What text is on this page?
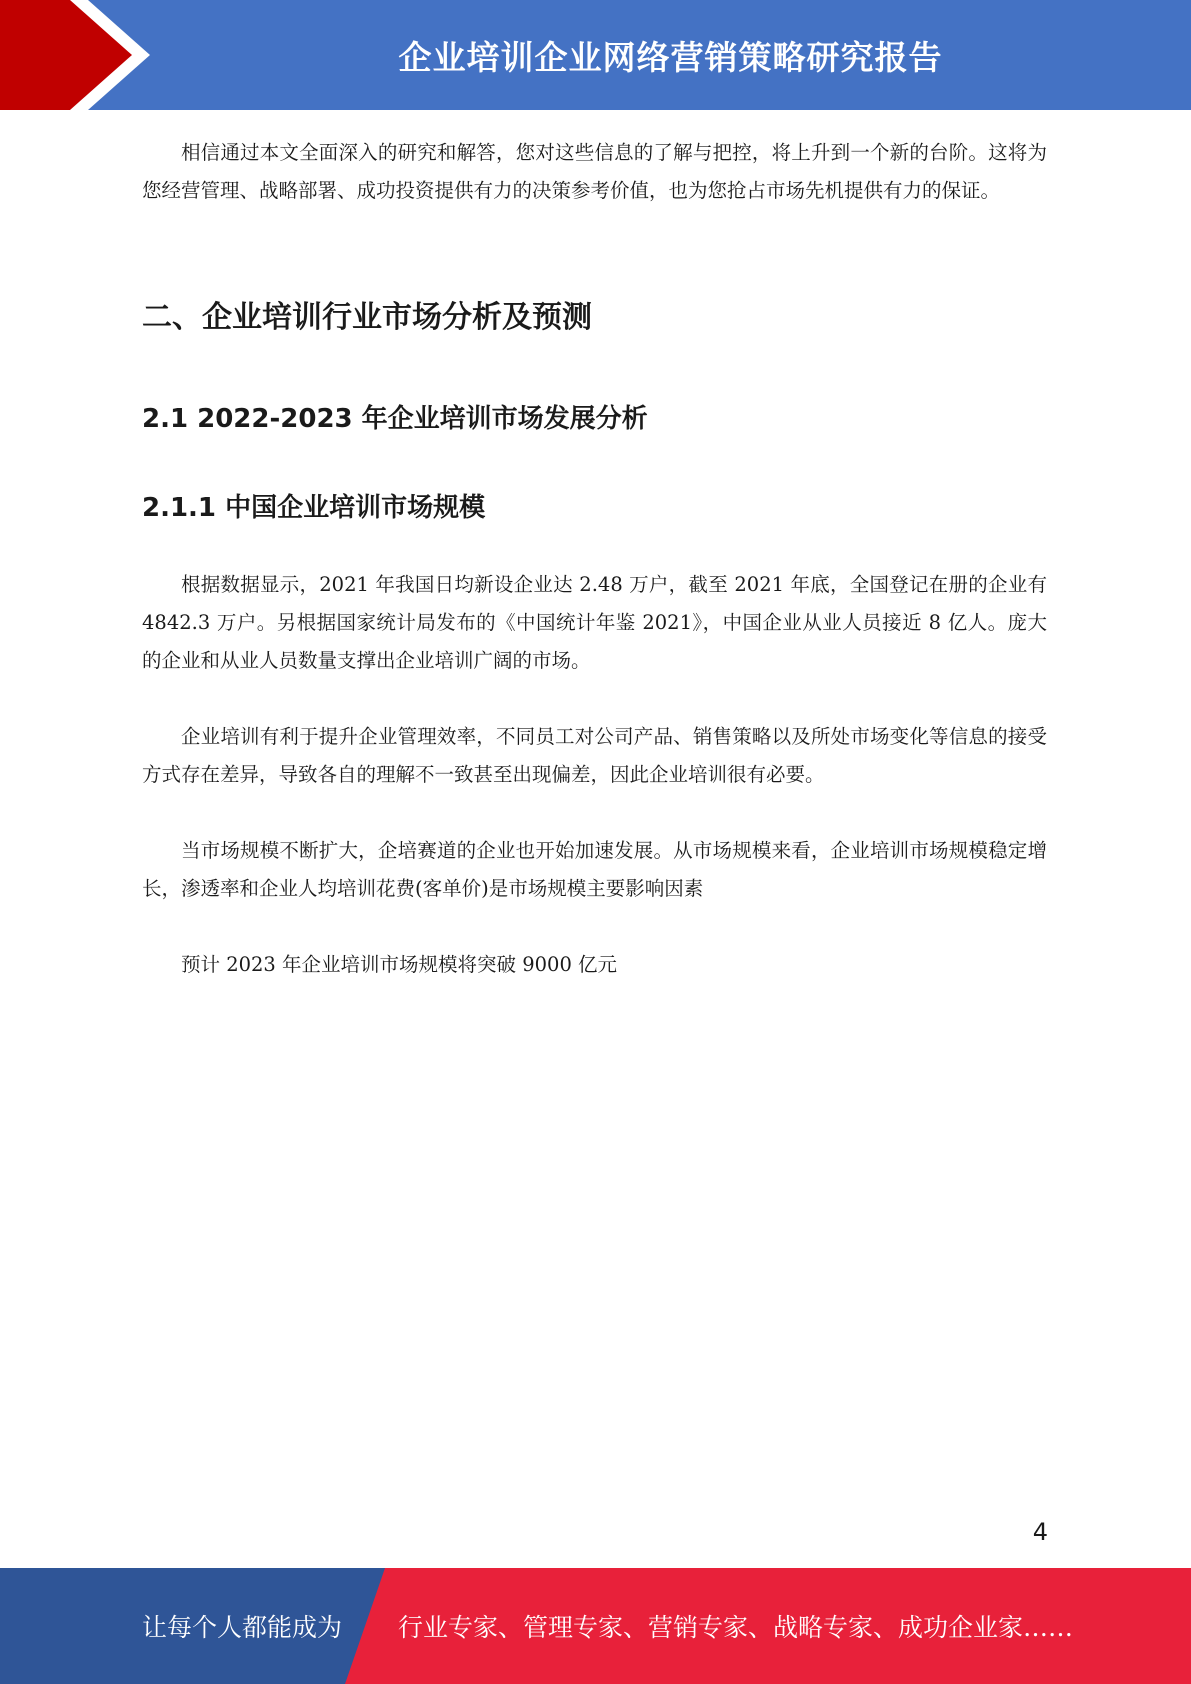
企业培训企业网络营销策略研究报告

相信通过本文全面深入的研究和解答，您对这些信息的了解与把控，将上升到一个新的台阶。这将为您经营管理、战略部署、成功投资提供有力的决策参考价值，也为您抢占市场先机提供有力的保证。

二、企业培训行业市场分析及预测
2.1 2022-2023 年企业培训市场发展分析
2.1.1 中国企业培训市场规模

根据数据显示，2021 年我国日均新设企业达 2.48 万户，截至 2021 年底，全国登记在册的企业有 4842.3 万户。另根据国家统计局发布的《中国统计年鉴 2021》，中国企业从业人员接近 8 亿人。庞大的企业和从业人员数量支撑出企业培训广阔的市场。

企业培训有利于提升企业管理效率，不同员工对公司产品、销售策略以及所处市场变化等信息的接受方式存在差异，导致各自的理解不一致甚至出现偏差，因此企业培训很有必要。

当市场规模不断扩大，企培赛道的企业也开始加速发展。从市场规模来看，企业培训市场规模稳定增长，渗透率和企业人均培训花费(客单价)是市场规模主要影响因素

预计 2023 年企业培训市场规模将突破 9000 亿元

4
让每个人都能成为 行业专家、管理专家、营销专家、战略专家、成功企业家……
